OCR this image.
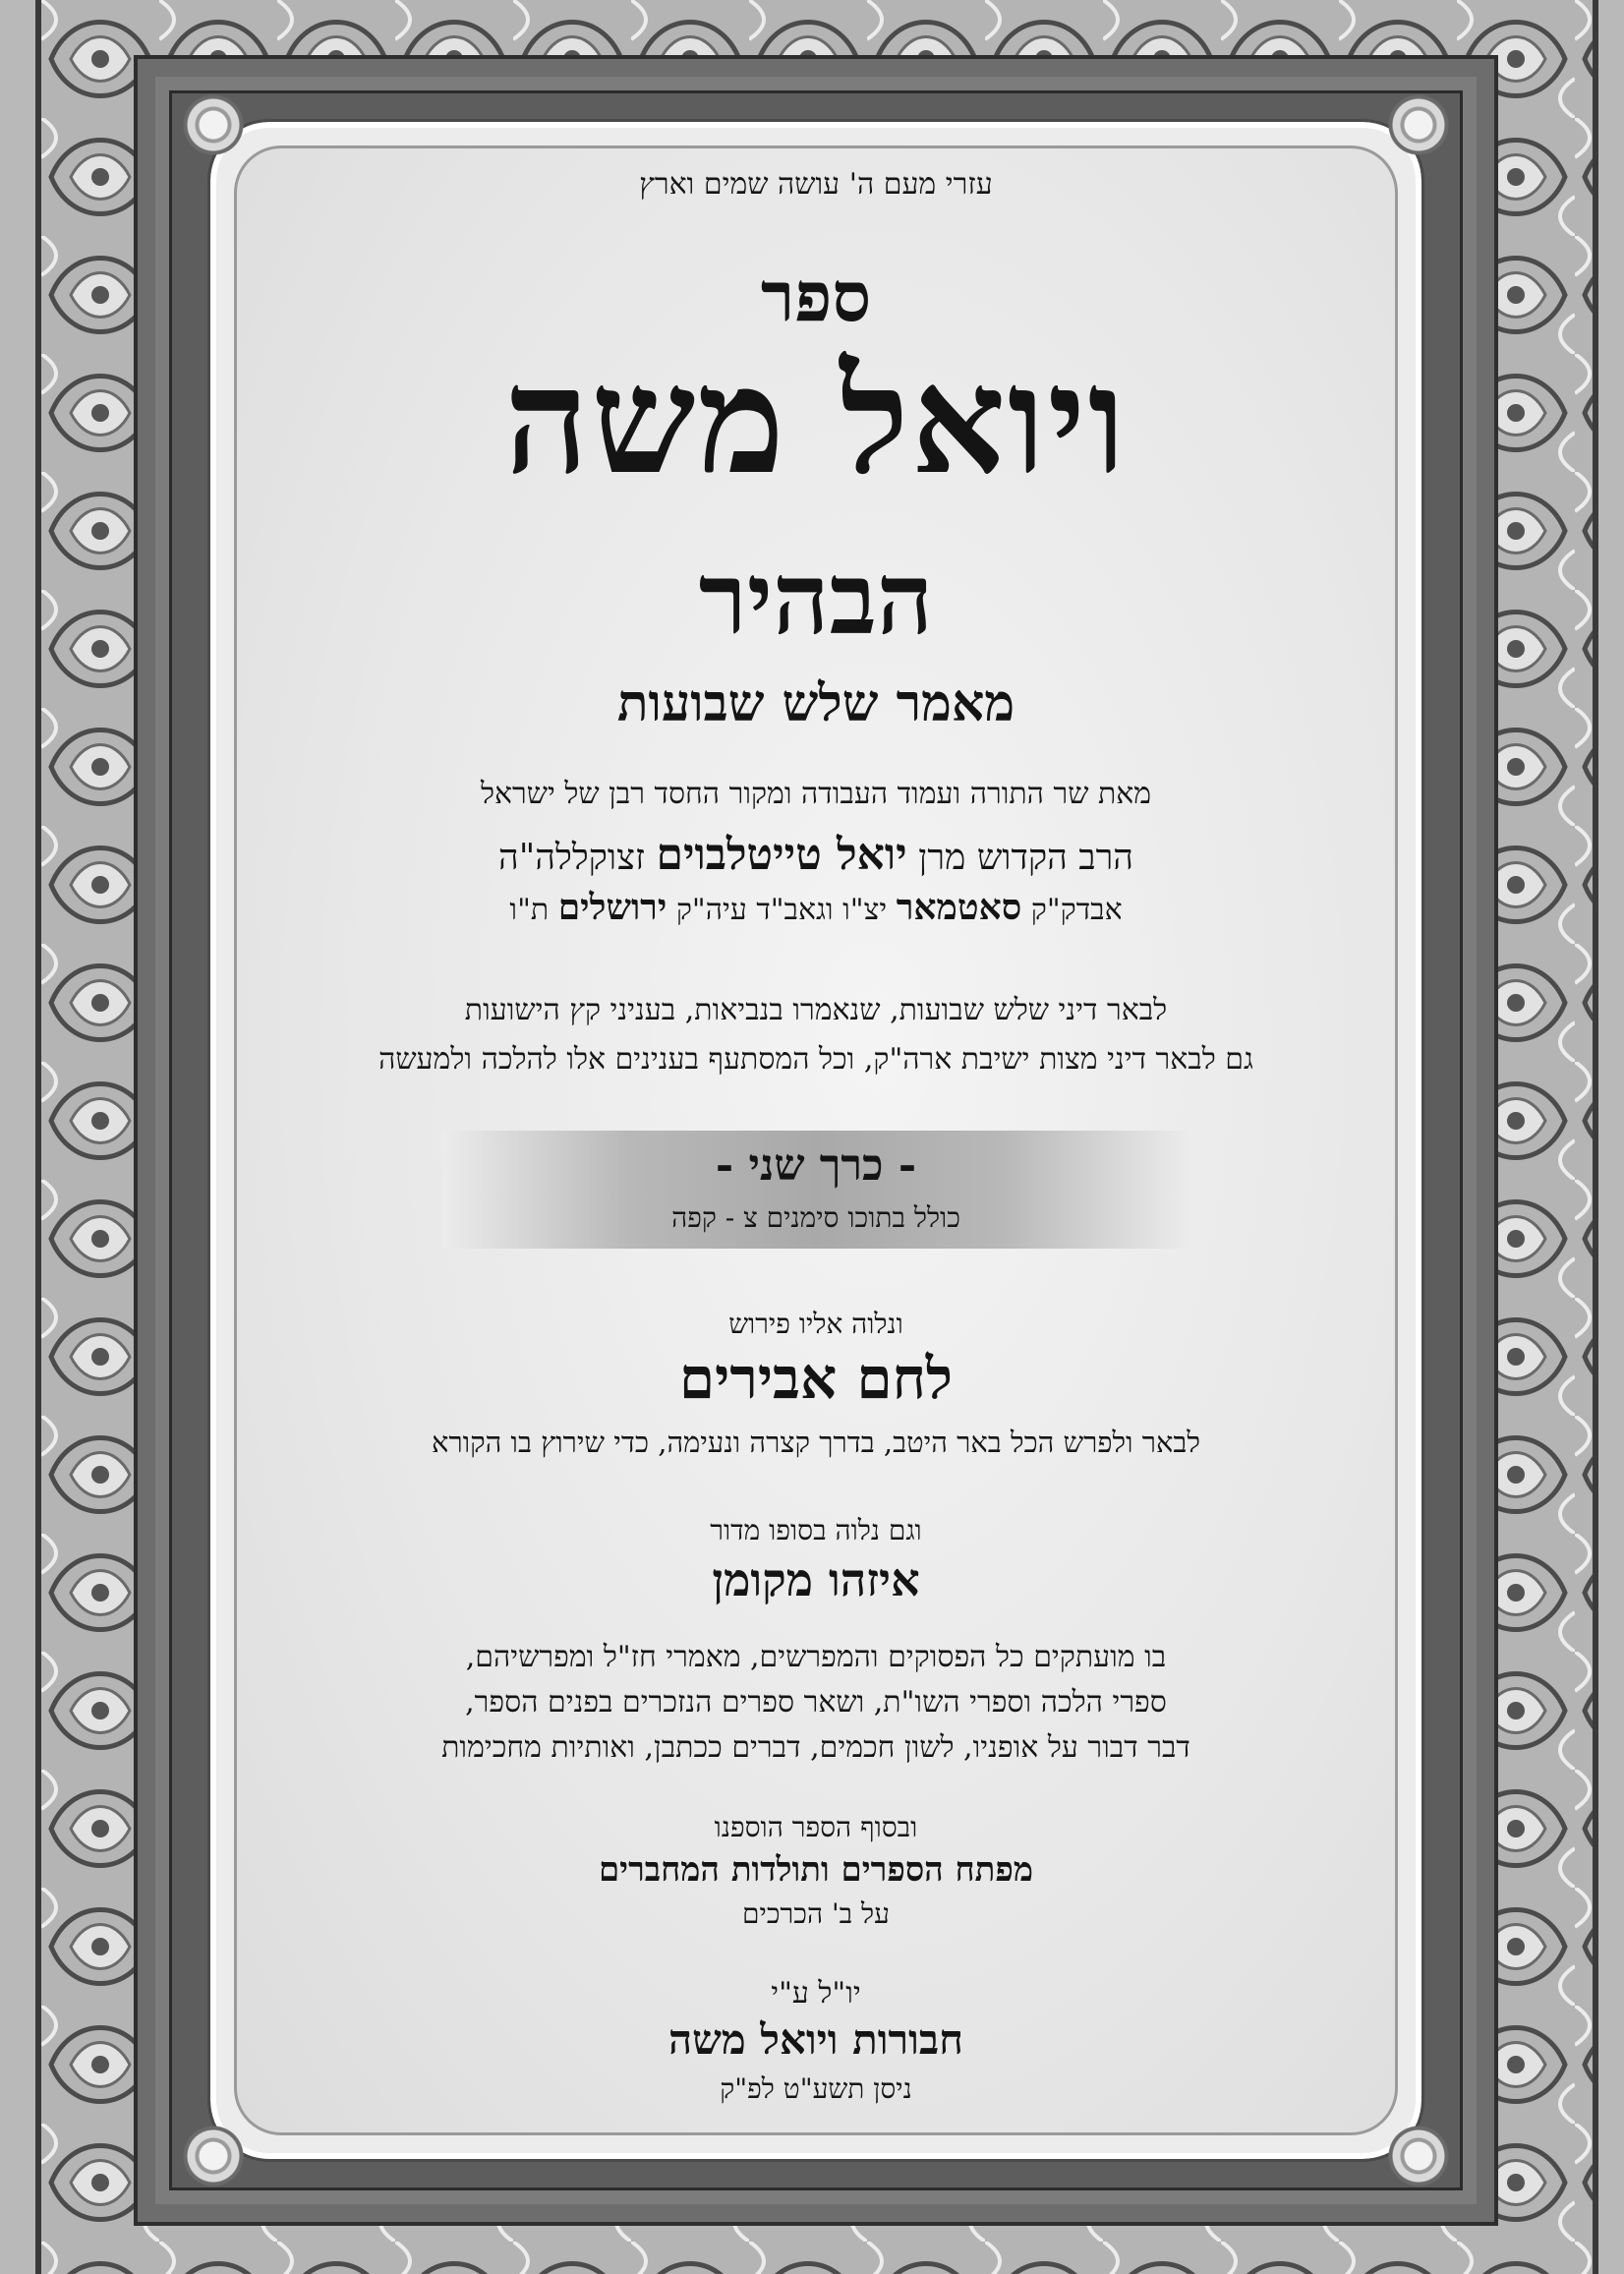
עזרי מעם ה' עושה שמים וארץ
ספר
ויואל משה
הבהיר
מאמר שלש שבועות
מאת שר התורה ועמוד העבודה ומקור החסד רבן של ישראל
הרב הקדוש מרן יואל טייטלבוים זצוקללה"ה
אבדק"ק סאטמאר יצ"ו וגאב"ד עיה"ק ירושלים ת"ו
לבאר דיני שלש שבועות, שנאמרו בנביאות, בעניני קץ הישועות
גם לבאר דיני מצות ישיבת ארה"ק, וכל המסתעף בענינים אלו להלכה ולמעשה
- כרך שני -
כולל בתוכו סימנים צ - קפה
ונלוה אליו פירוש
לחם אבירים
לבאר ולפרש הכל באר היטב, בדרך קצרה ונעימה, כדי שירוץ בו הקורא
וגם נלוה בסופו מדור
איזהו מקומן
בו מועתקים כל הפסוקים והמפרשים, מאמרי חז"ל ומפרשיהם,
ספרי הלכה וספרי השו"ת, ושאר ספרים הנזכרים בפנים הספר,
דבר דבור על אופניו, לשון חכמים, דברים ככתבן, ואותיות מחכימות
ובסוף הספר הוספנו
מפתח הספרים ותולדות המחברים
על ב' הכרכים
יו"ל ע"י
חבורות ויואל משה
ניסן תשע"ט לפ"ק
